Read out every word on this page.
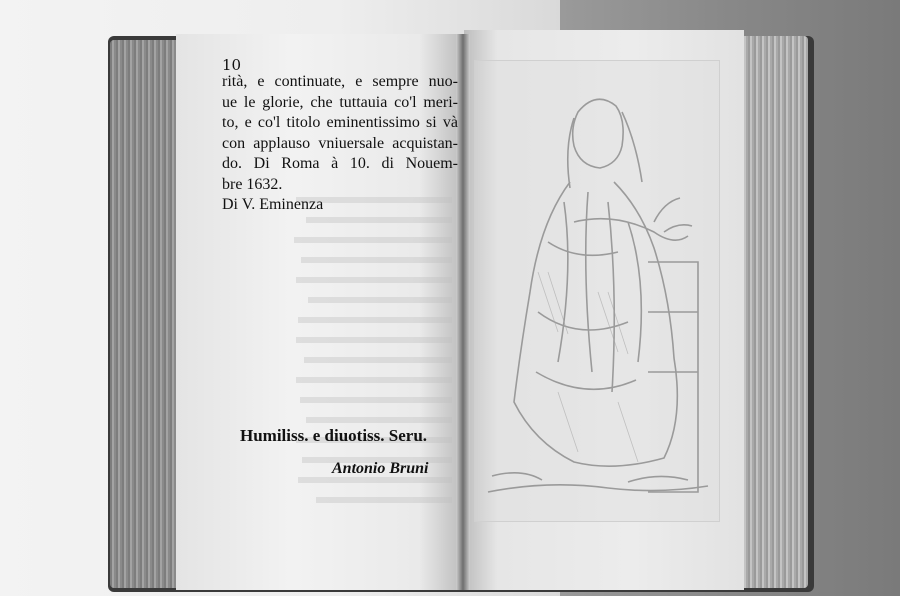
10
rità, e continuate, e sempre nuo-
ue le glorie, che tuttauia co'l meri-
to, e co'l titolo eminentissimo si và
con applauso vniuersale acquistan-
do. Di Roma à 10. di Nouem-
bre 1632.
Di V. Eminenza
Humiliss. e diuotiss. Seru.
Antonio Bruni
